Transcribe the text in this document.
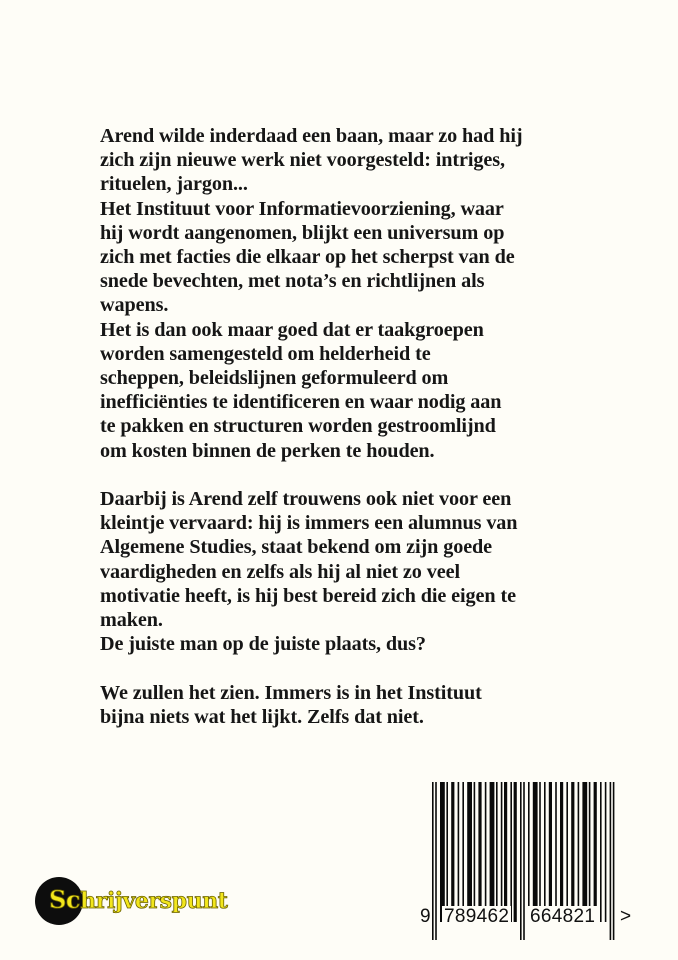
Arend wilde inderdaad een baan, maar zo had hij
zich zijn nieuwe werk niet voorgesteld: intriges,
rituelen, jargon...
Het Instituut voor Informatievoorziening, waar
hij wordt aangenomen, blijkt een universum op
zich met facties die elkaar op het scherpst van de
snede bevechten, met nota’s en richtlijnen als
wapens.
Het is dan ook maar goed dat er taakgroepen
worden samengesteld om helderheid te
scheppen, beleidslijnen geformuleerd om
inefficiënties te identificeren en waar nodig aan
te pakken en structuren worden gestroomlijnd
om kosten binnen de perken te houden.
Daarbij is Arend zelf trouwens ook niet voor een
kleintje vervaard: hij is immers een alumnus van
Algemene Studies, staat bekend om zijn goede
vaardigheden en zelfs als hij al niet zo veel
motivatie heeft, is hij best bereid zich die eigen te
maken.
De juiste man op de juiste plaats, dus?
We zullen het zien. Immers is in het Instituut
bijna niets wat het lijkt. Zelfs dat niet.
Schrijverspunt
9 789462 664821 >
